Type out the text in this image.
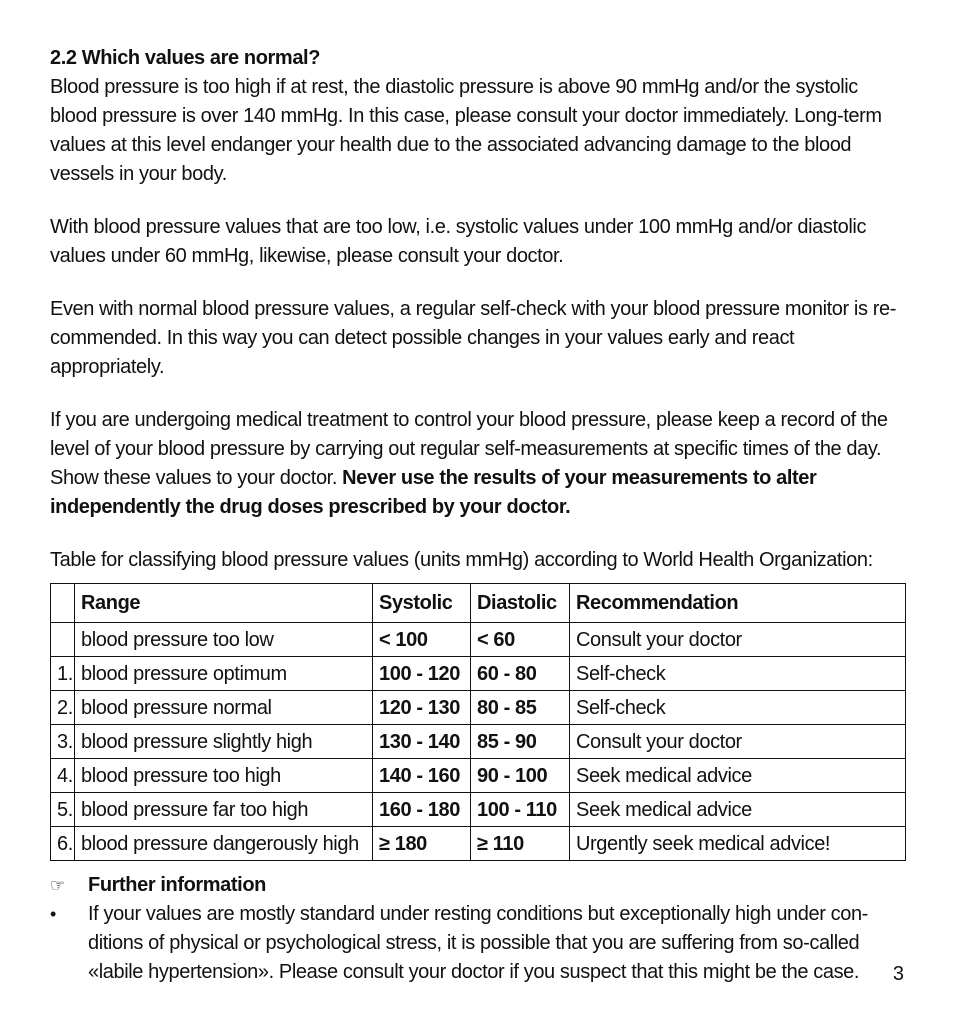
2.2 Which values are normal?

Blood pressure is too high if at rest, the diastolic pressure is above 90 mmHg and/or the systolic blood pressure is over 140 mmHg. In this case, please consult your doctor immediately. Long-term values at this level endanger your health due to the associated advancing damage to the blood vessels in your body.

With blood pressure values that are too low, i.e. systolic values under 100 mmHg and/or diastolic values under 60 mmHg, likewise, please consult your doctor.

Even with normal blood pressure values, a regular self-check with your blood pressure monitor is re-commended. In this way you can detect possible changes in your values early and react appropriately.

If you are undergoing medical treatment to control your blood pressure, please keep a record of the level of your blood pressure by carrying out regular self-measurements at specific times of the day. Show these values to your doctor. Never use the results of your measurements to alter independently the drug doses prescribed by your doctor.

Table for classifying blood pressure values (units mmHg) according to World Health Organization:
	Range	Systolic	Diastolic	Recommendation
	blood pressure too low	< 100	< 60	Consult your doctor
1.	blood pressure optimum	100 - 120	60 - 80	Self-check
2.	blood pressure normal	120 - 130	80 - 85	Self-check
3.	blood pressure slightly high	130 - 140	85 - 90	Consult your doctor
4.	blood pressure too high	140 - 160	90 - 100	Seek medical advice
5.	blood pressure far too high	160 - 180	100 - 110	Seek medical advice
6.	blood pressure dangerously high	≥ 180	≥ 110	Urgently seek medical advice!
☞	Further information
•	If your values are mostly standard under resting conditions but exceptionally high under con-ditions of physical or psychological stress, it is possible that you are suffering from so-called «labile hypertension». Please consult your doctor if you suspect that this might be the case.	3
